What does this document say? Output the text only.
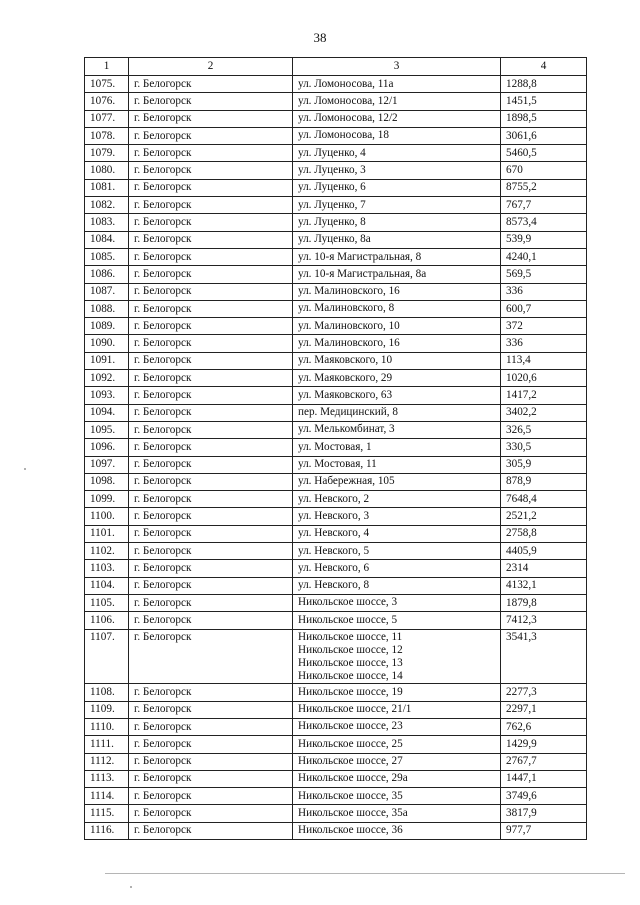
38
1	2	3	4
1075.	г. Белогорск	ул. Ломоносова, 11а	1288,8
1076.	г. Белогорск	ул. Ломоносова, 12/1	1451,5
1077.	г. Белогорск	ул. Ломоносова, 12/2	1898,5
1078.	г. Белогорск	ул. Ломоносова, 18	3061,6
1079.	г. Белогорск	ул. Луценко, 4	5460,5
1080.	г. Белогорск	ул. Луценко, 3	670
1081.	г. Белогорск	ул. Луценко, 6	8755,2
1082.	г. Белогорск	ул. Луценко, 7	767,7
1083.	г. Белогорск	ул. Луценко, 8	8573,4
1084.	г. Белогорск	ул. Луценко, 8а	539,9
1085.	г. Белогорск	ул. 10-я Магистральная, 8	4240,1
1086.	г. Белогорск	ул. 10-я Магистральная, 8а	569,5
1087.	г. Белогорск	ул. Малиновского, 16	336
1088.	г. Белогорск	ул. Малиновского, 8	600,7
1089.	г. Белогорск	ул. Малиновского, 10	372
1090.	г. Белогорск	ул. Малиновского, 16	336
1091.	г. Белогорск	ул. Маяковского, 10	113,4
1092.	г. Белогорск	ул. Маяковского, 29	1020,6
1093.	г. Белогорск	ул. Маяковского, 63	1417,2
1094.	г. Белогорск	пер. Медицинский, 8	3402,2
1095.	г. Белогорск	ул. Мелькомбинат, 3	326,5
1096.	г. Белогорск	ул. Мостовая, 1	330,5
1097.	г. Белогорск	ул. Мостовая, 11	305,9
1098.	г. Белогорск	ул. Набережная, 105	878,9
1099.	г. Белогорск	ул. Невского, 2	7648,4
1100.	г. Белогорск	ул. Невского, 3	2521,2
1101.	г. Белогорск	ул. Невского, 4	2758,8
1102.	г. Белогорск	ул. Невского, 5	4405,9
1103.	г. Белогорск	ул. Невского, 6	2314
1104.	г. Белогорск	ул. Невского, 8	4132,1
1105.	г. Белогорск	Никольское шоссе, 3	1879,8
1106.	г. Белогорск	Никольское шоссе, 5	7412,3
1107.	г. Белогорск	Никольское шоссе, 11
Никольское шоссе, 12
Никольское шоссе, 13
Никольское шоссе, 14	3541,3
1108.	г. Белогорск	Никольское шоссе, 19	2277,3
1109.	г. Белогорск	Никольское шоссе, 21/1	2297,1
1110.	г. Белогорск	Никольское шоссе, 23	762,6
1111.	г. Белогорск	Никольское шоссе, 25	1429,9
1112.	г. Белогорск	Никольское шоссе, 27	2767,7
1113.	г. Белогорск	Никольское шоссе, 29а	1447,1
1114.	г. Белогорск	Никольское шоссе, 35	3749,6
1115.	г. Белогорск	Никольское шоссе, 35а	3817,9
1116.	г. Белогорск	Никольское шоссе, 36	977,7
